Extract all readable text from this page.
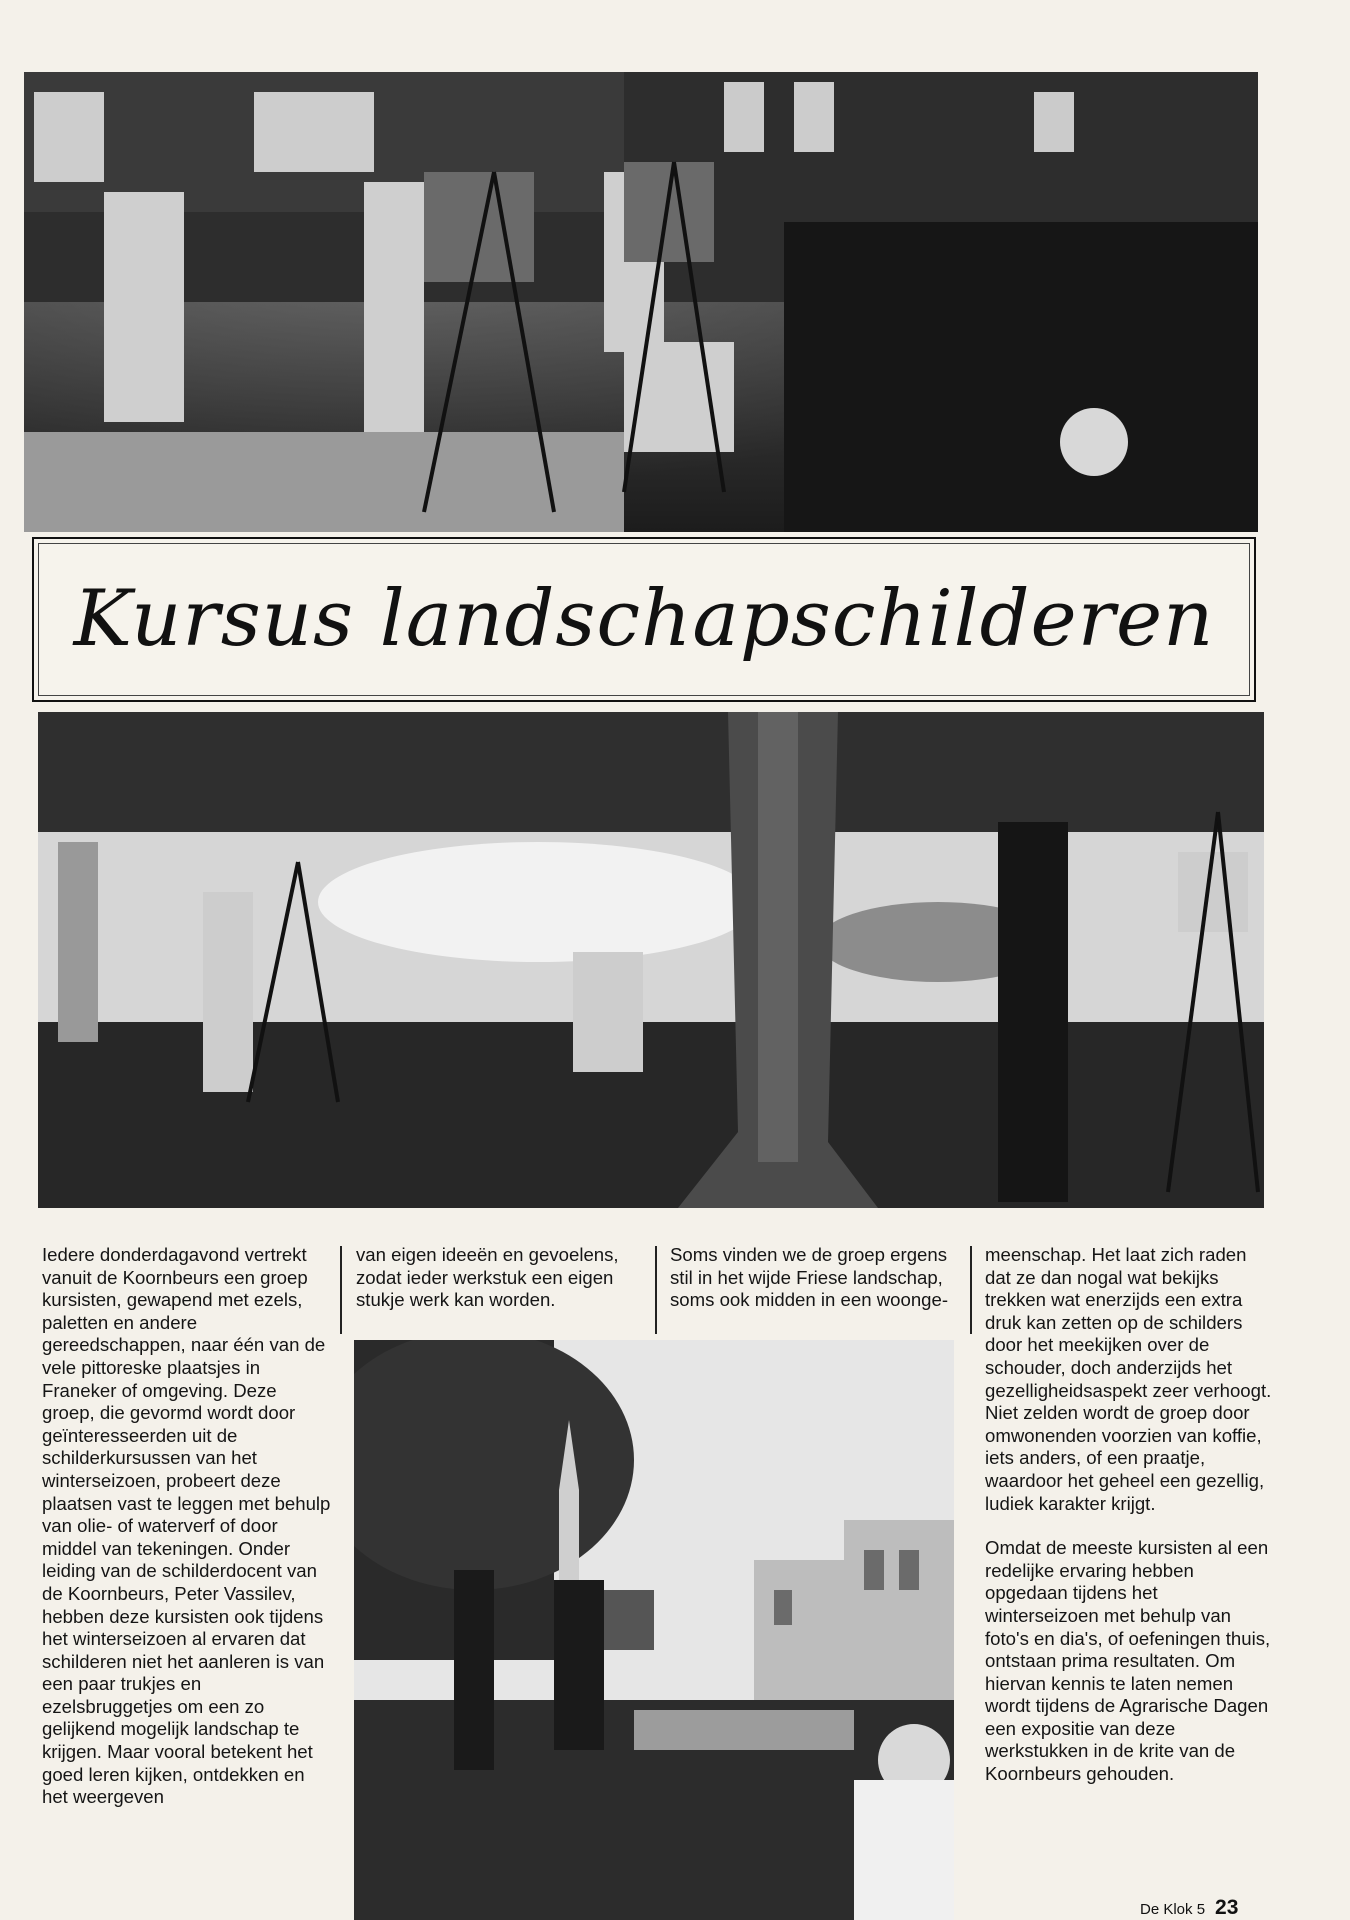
Kursus landschapschilderen

Iedere donderdagavond vertrekt vanuit de Koornbeurs een groep kursisten, gewapend met ezels, paletten en andere gereedschappen, naar één van de vele pittoreske plaatsjes in Franeker of omgeving. Deze groep, die gevormd wordt door geïnteresseerden uit de schilderkursussen van het winterseizoen, probeert deze plaatsen vast te leggen met behulp van olie- of waterverf of door middel van tekeningen. Onder leiding van de schilderdocent van de Koornbeurs, Peter Vassilev, hebben deze kursisten ook tijdens het winterseizoen al ervaren dat schilderen niet het aanleren is van een paar trukjes en ezelsbruggetjes om een zo gelijkend mogelijk landschap te krijgen. Maar vooral betekent het goed leren kijken, ontdekken en het weergeven

van eigen ideeën en gevoelens, zodat ieder werkstuk een eigen stukje werk kan worden.

Soms vinden we de groep ergens stil in het wijde Friese landschap, soms ook midden in een woonge-

meenschap. Het laat zich raden dat ze dan nogal wat bekijks trekken wat enerzijds een extra druk kan zetten op de schilders door het meekijken over de schouder, doch anderzijds het gezelligheidsaspekt zeer verhoogt. Niet zelden wordt de groep door omwonenden voorzien van koffie, iets anders, of een praatje, waardoor het geheel een gezellig, ludiek karakter krijgt.

Omdat de meeste kursisten al een redelijke ervaring hebben opgedaan tijdens het winterseizoen met behulp van foto's en dia's, of oefeningen thuis, ontstaan prima resultaten. Om hiervan kennis te laten nemen wordt tijdens de Agrarische Dagen een expositie van deze werkstukken in de krite van de Koornbeurs gehouden.

De Klok 5 23
